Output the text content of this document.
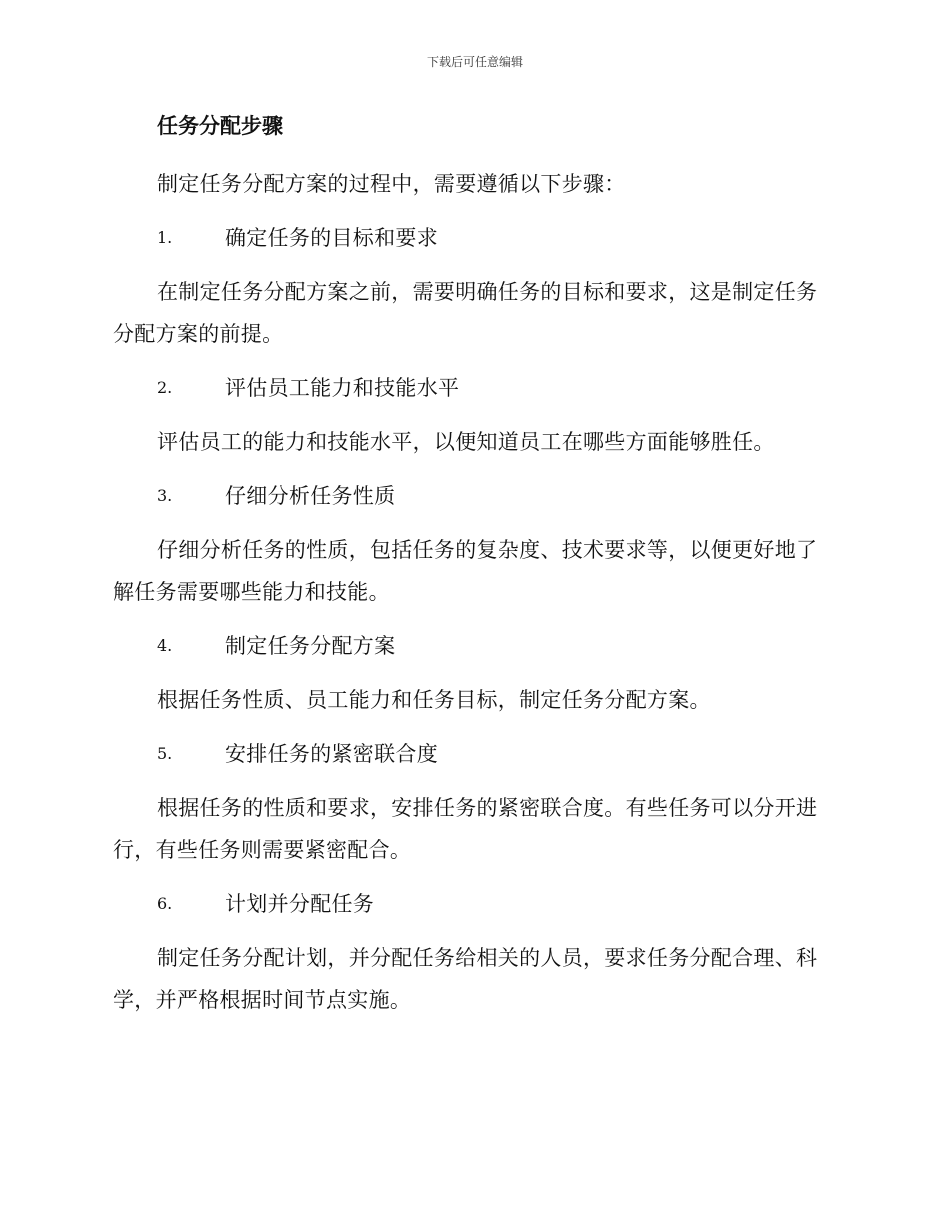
下载后可任意编辑
任务分配步骤

制定任务分配方案的过程中，需要遵循以下步骤：

1.	确定任务的目标和要求

在制定任务分配方案之前，需要明确任务的目标和要求，这是制定任务分配方案的前提。

2.	评估员工能力和技能水平

评估员工的能力和技能水平，以便知道员工在哪些方面能够胜任。

3.	仔细分析任务性质

仔细分析任务的性质，包括任务的复杂度、技术要求等，以便更好地了解任务需要哪些能力和技能。

4.	制定任务分配方案

根据任务性质、员工能力和任务目标，制定任务分配方案。

5.	安排任务的紧密联合度

根据任务的性质和要求，安排任务的紧密联合度。有些任务可以分开进行，有些任务则需要紧密配合。

6.	计划并分配任务

制定任务分配计划，并分配任务给相关的人员，要求任务分配合理、科学，并严格根据时间节点实施。
